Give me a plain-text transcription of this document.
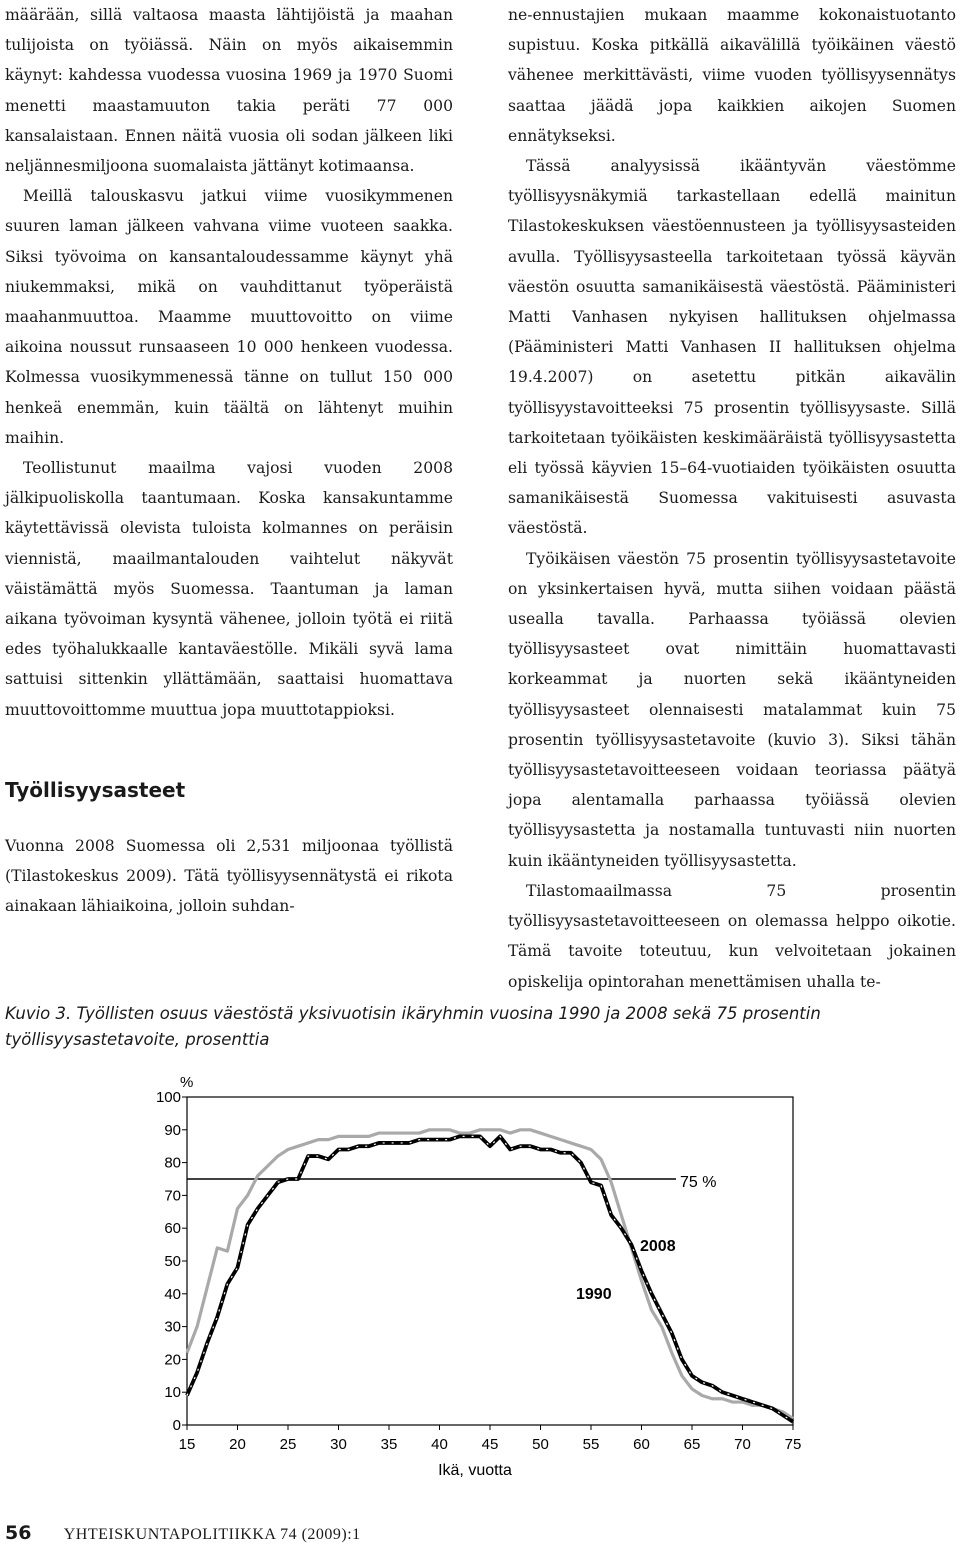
määrään, sillä valtaosa maasta lähtijöistä ja maahan tulijoista on työiässä. Näin on myös aikaisemmin käynyt: kahdessa vuodessa vuosina 1969 ja 1970 Suomi menetti maastamuuton takia peräti 77 000 kansalaistaan. Ennen näitä vuosia oli sodan jälkeen liki neljännesmiljoona suomalaista jättänyt kotimaansa.

Meillä talouskasvu jatkui viime vuosikymmenen suuren laman jälkeen vahvana viime vuoteen saakka. Siksi työvoima on kansantaloudessamme käynyt yhä niukemmaksi, mikä on vauhdittanut työperäistä maahanmuuttoa. Maamme muuttovoitto on viime aikoina noussut runsaaseen 10 000 henkeen vuodessa. Kolmessa vuosikymmenessä tänne on tullut 150 000 henkeä enemmän, kuin täältä on lähtenyt muihin maihin.

Teollistunut maailma vajosi vuoden 2008 jälkipuoliskolla taantumaan. Koska kansakuntamme käytettävissä olevista tuloista kolmannes on peräisin viennistä, maailmantalouden vaihtelut näkyvät väistämättä myös Suomessa. Taantuman ja laman aikana työvoiman kysyntä vähenee, jolloin työtä ei riitä edes työhalukkaalle kantaväestölle. Mikäli syvä lama sattuisi sittenkin yllättämään, saattaisi huomattava muuttovoittomme muuttua jopa muuttotappioksi.

Työllisyysasteet

Vuonna 2008 Suomessa oli 2,531 miljoonaa työllistä (Tilastokeskus 2009). Tätä työllisyysennätystä ei rikota ainakaan lähiaikoina, jolloin suhdan-

ne-ennustajien mukaan maamme kokonaistuotanto supistuu. Koska pitkällä aikavälillä työikäinen väestö vähenee merkittävästi, viime vuoden työllisyysennätys saattaa jäädä jopa kaikkien aikojen Suomen ennätykseksi.

Tässä analyysissä ikääntyvän väestömme työllisyysnäkymiä tarkastellaan edellä mainitun Tilastokeskuksen väestöennusteen ja työllisyysasteiden avulla. Työllisyysasteella tarkoitetaan työssä käyvän väestön osuutta samanikäisestä väestöstä. Pääministeri Matti Vanhasen nykyisen hallituksen ohjelmassa (Pääministeri Matti Vanhasen II hallituksen ohjelma 19.4.2007) on asetettu pitkän aikavälin työllisyystavoitteeksi 75 prosentin työllisyysaste. Sillä tarkoitetaan työikäisten keskimääräistä työllisyysastetta eli työssä käyvien 15–64-vuotiaiden työikäisten osuutta samanikäisestä Suomessa vakituisesti asuvasta väestöstä.

Työikäisen väestön 75 prosentin työllisyysastetavoite on yksinkertaisen hyvä, mutta siihen voidaan päästä usealla tavalla. Parhaassa työiässä olevien työllisyysasteet ovat nimittäin huomattavasti korkeammat ja nuorten sekä ikääntyneiden työllisyysasteet olennaisesti matalammat kuin 75 prosentin työllisyysastetavoite (kuvio 3). Siksi tähän työllisyysastetavoitteeseen voidaan teoriassa päätyä jopa alentamalla parhaassa työiässä olevien työllisyysastetta ja nostamalla tuntuvasti niin nuorten kuin ikääntyneiden työllisyysastetta.

Tilastomaailmassa 75 prosentin työllisyysastetavoitteeseen on olemassa helppo oikotie. Tämä tavoite toteutuu, kun velvoitetaan jokainen opiskelija opintorahan menettämisen uhalla te-

Kuvio 3. Työllisten osuus väestöstä yksivuotisin ikäryhmin vuosina 1990 ja 2008 sekä 75 prosentin työllisyysastetavoite, prosenttia
0
10
20
30
40
50
60
70
80
90
100
15 20 25 30 35 40 45 50 55 60 65 70 75
%
Ikä, vuotta
75 %
2008
1990
56 YHTEISKUNTAPOLITIIKKA 74 (2009):1
